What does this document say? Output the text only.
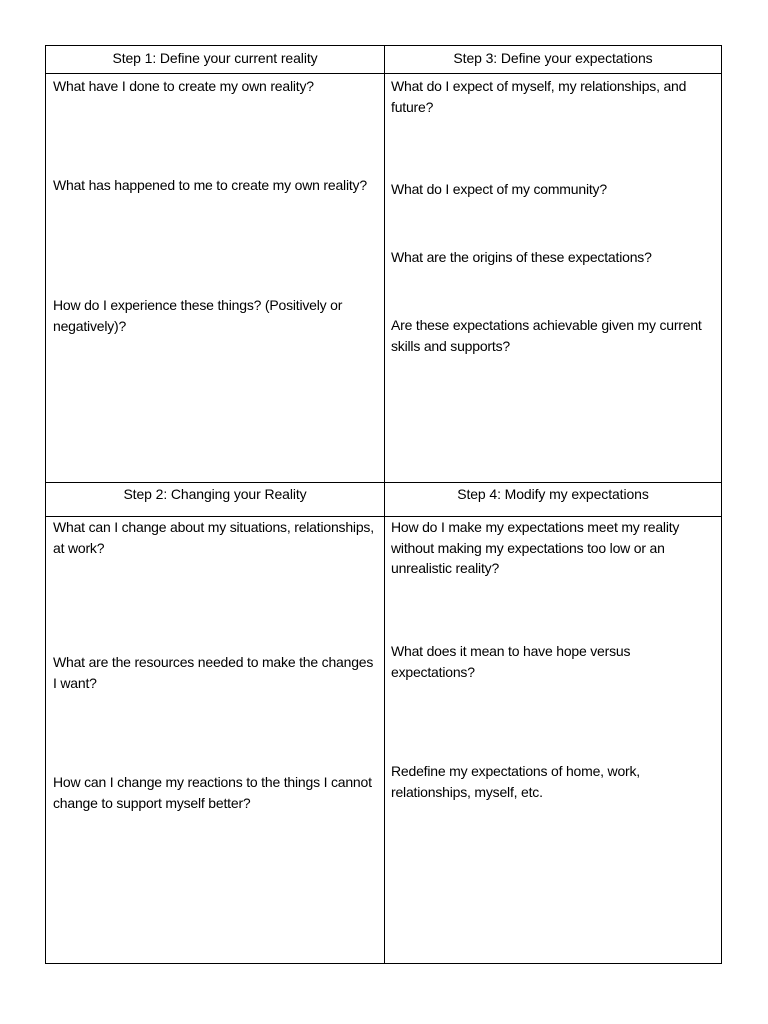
Step 1: Define your current reality	Step 3: Define your expectations

What have I done to create my own reality?

What has happened to me to create my own reality?

How do I experience these things? (Positively or negatively)?

What do I expect of myself, my relationships, and future?

What do I expect of my community?

What are the origins of these expectations?

Are these expectations achievable given my current skills and supports?

Step 2: Changing your Reality	Step 4: Modify my expectations

What can I change about my situations, relationships, at work?

What are the resources needed to make the changes I want?

How can I change my reactions to the things I cannot change to support myself better?

How do I make my expectations meet my reality without making my expectations too low or an unrealistic reality?

What does it mean to have hope versus expectations?

Redefine my expectations of home, work, relationships, myself, etc.
